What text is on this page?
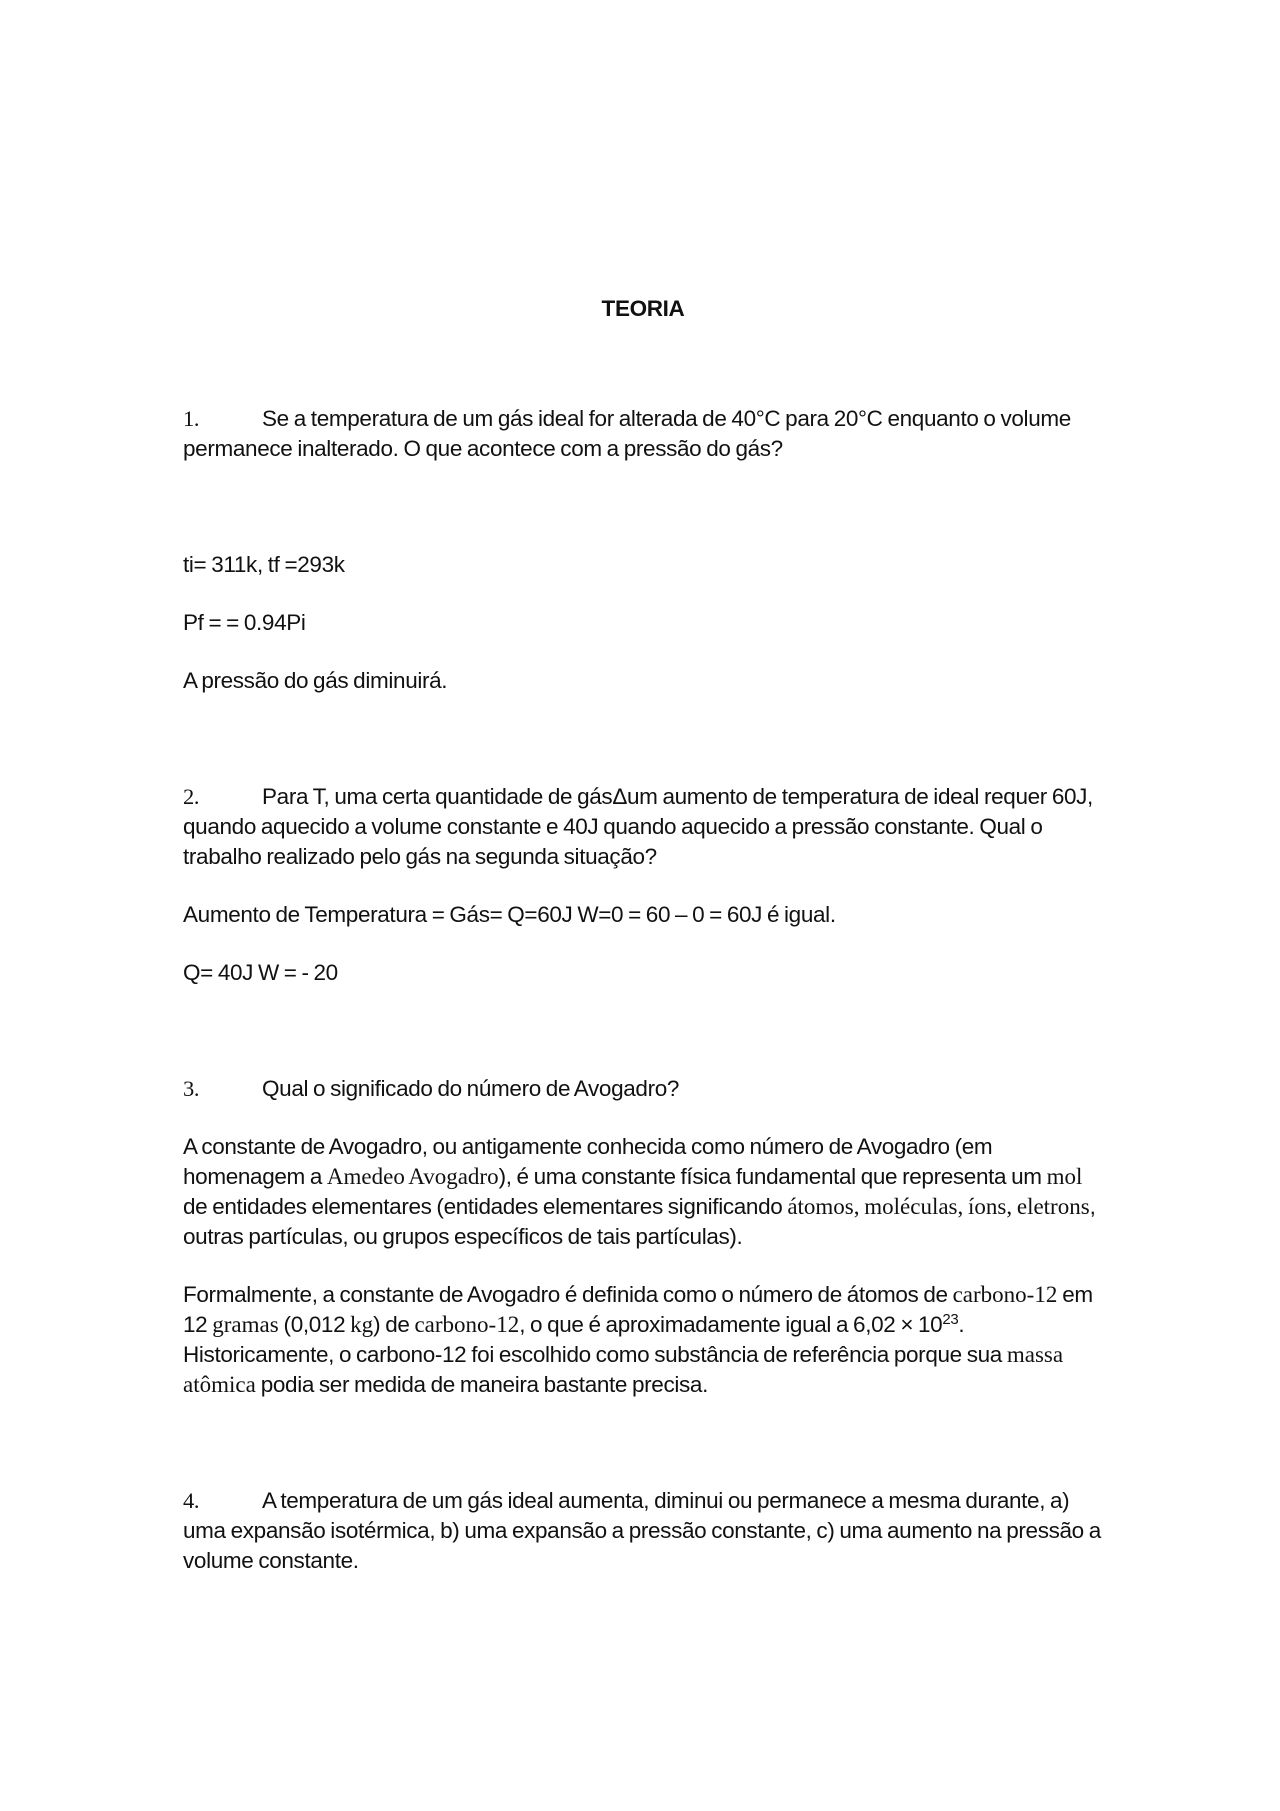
TEORIA

1.	Se a temperatura de um gás ideal for alterada de 40°C para 20°C enquanto o volume permanece inalterado. O que acontece com a pressão do gás?

ti= 311k, tf =293k

Pf = = 0.94Pi

A pressão do gás diminuirá.

2.	Para T, uma certa quantidade de gásΔum aumento de temperatura de ideal requer 60J, quando aquecido a volume constante e 40J quando aquecido a pressão constante. Qual o trabalho realizado pelo gás na segunda situação?

Aumento de Temperatura = Gás= Q=60J W=0 = 60 – 0 = 60J é igual.

Q= 40J W = - 20

3.	Qual o significado do número de Avogadro?

A constante de Avogadro, ou antigamente conhecida como número de Avogadro (em homenagem a Amedeo Avogadro), é uma constante física fundamental que representa um mol de entidades elementares (entidades elementares significando átomos, moléculas, íons, eletrons, outras partículas, ou grupos específicos de tais partículas).

Formalmente, a constante de Avogadro é definida como o número de átomos de carbono-12 em 12 gramas (0,012 kg) de carbono-12, o que é aproximadamente igual a $6,02 \times 10^{23}$. Historicamente, o carbono-12 foi escolhido como substância de referência porque sua massa atômica podia ser medida de maneira bastante precisa.

4.	A temperatura de um gás ideal aumenta, diminui ou permanece a mesma durante, a) uma expansão isotérmica, b) uma expansão a pressão constante, c) uma aumento na pressão a volume constante.
